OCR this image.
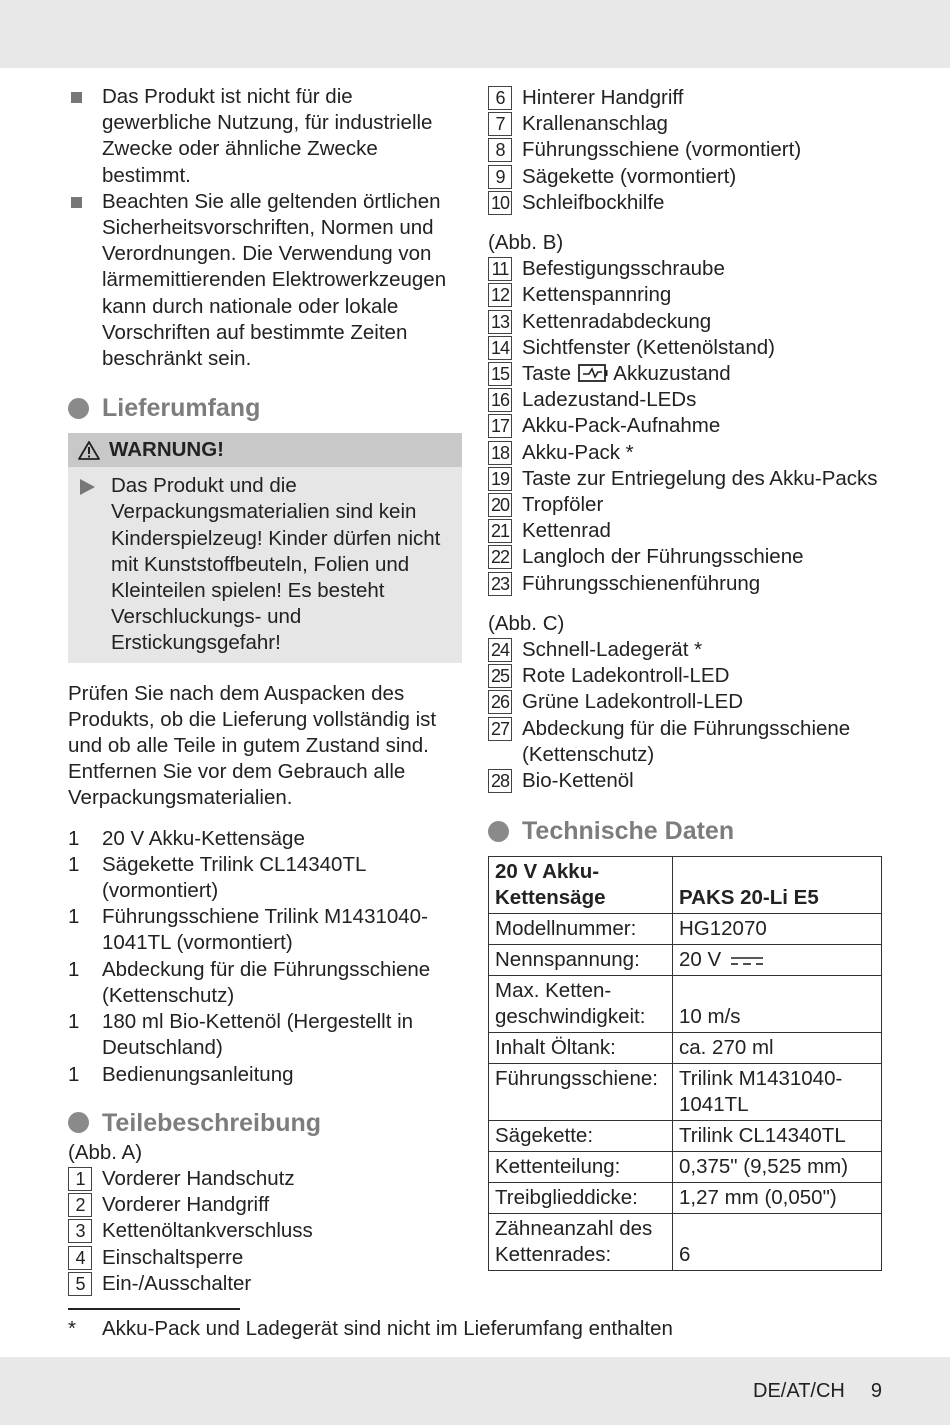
Das Produkt ist nicht für die gewerbliche Nutzung, für industrielle Zwecke oder ähnliche Zwecke bestimmt.
Beachten Sie alle geltenden örtlichen Sicherheitsvorschriften, Normen und Verordnungen. Die Verwendung von lärmemittierenden Elektrowerkzeugen kann durch nationale oder lokale Vorschriften auf bestimmte Zeiten beschränkt sein.
Lieferumfang
WARNUNG!
Das Produkt und die Verpackungsmaterialien sind kein Kinderspielzeug! Kinder dürfen nicht mit Kunststoffbeuteln, Folien und Kleinteilen spielen! Es besteht Verschluckungs- und Erstickungsgefahr!

Prüfen Sie nach dem Auspacken des Produkts, ob die Lieferung vollständig ist und ob alle Teile in gutem Zustand sind. Entfernen Sie vor dem Gebrauch alle Verpackungsmaterialien.

1	20 V Akku-Kettensäge
1	Sägekette Trilink CL14340TL (vormontiert)
1	Führungsschiene Trilink M1431040-1041TL (vormontiert)
1	Abdeckung für die Führungsschiene (Kettenschutz)
1	180 ml Bio-Kettenöl (Hergestellt in Deutschland)
1	Bedienungsanleitung
Teilebeschreibung
(Abb. A)
1 Vorderer Handschutz
2 Vorderer Handgriff
3 Kettenöltankverschluss
4 Einschaltsperre
5 Ein-/Ausschalter
6 Hinterer Handgriff
7 Krallenanschlag
8 Führungsschiene (vormontiert)
9 Sägekette (vormontiert)
10 Schleifbockhilfe
(Abb. B)
11 Befestigungsschraube
12 Kettenspannring
13 Kettenradabdeckung
14 Sichtfenster (Kettenölstand)
15 Taste Akkuzustand
16 Ladezustand-LEDs
17 Akku-Pack-Aufnahme
18 Akku-Pack *
19 Taste zur Entriegelung des Akku-Packs
20 Tropföler
21 Kettenrad
22 Langloch der Führungsschiene
23 Führungsschienenführung
(Abb. C)
24 Schnell-Ladegerät *
25 Rote Ladekontroll-LED
26 Grüne Ladekontroll-LED
27 Abdeckung für die Führungsschiene (Kettenschutz)
28 Bio-Kettenöl
Technische Daten
20 V Akku-Kettensäge	PAKS 20-Li E5
Modellnummer:	HG12070
Nennspannung:	20 V
Max. Ketten-geschwindigkeit:	10 m/s
Inhalt Öltank:	ca. 270 ml
Führungsschiene:	Trilink M1431040-1041TL
Sägekette:	Trilink CL14340TL
Kettenteilung:	0,375" (9,525 mm)
Treibglieddicke:	1,27 mm (0,050")
Zähneanzahl des Kettenrades:	6
*	Akku-Pack und Ladegerät sind nicht im Lieferumfang enthalten
DE/AT/CH 9
